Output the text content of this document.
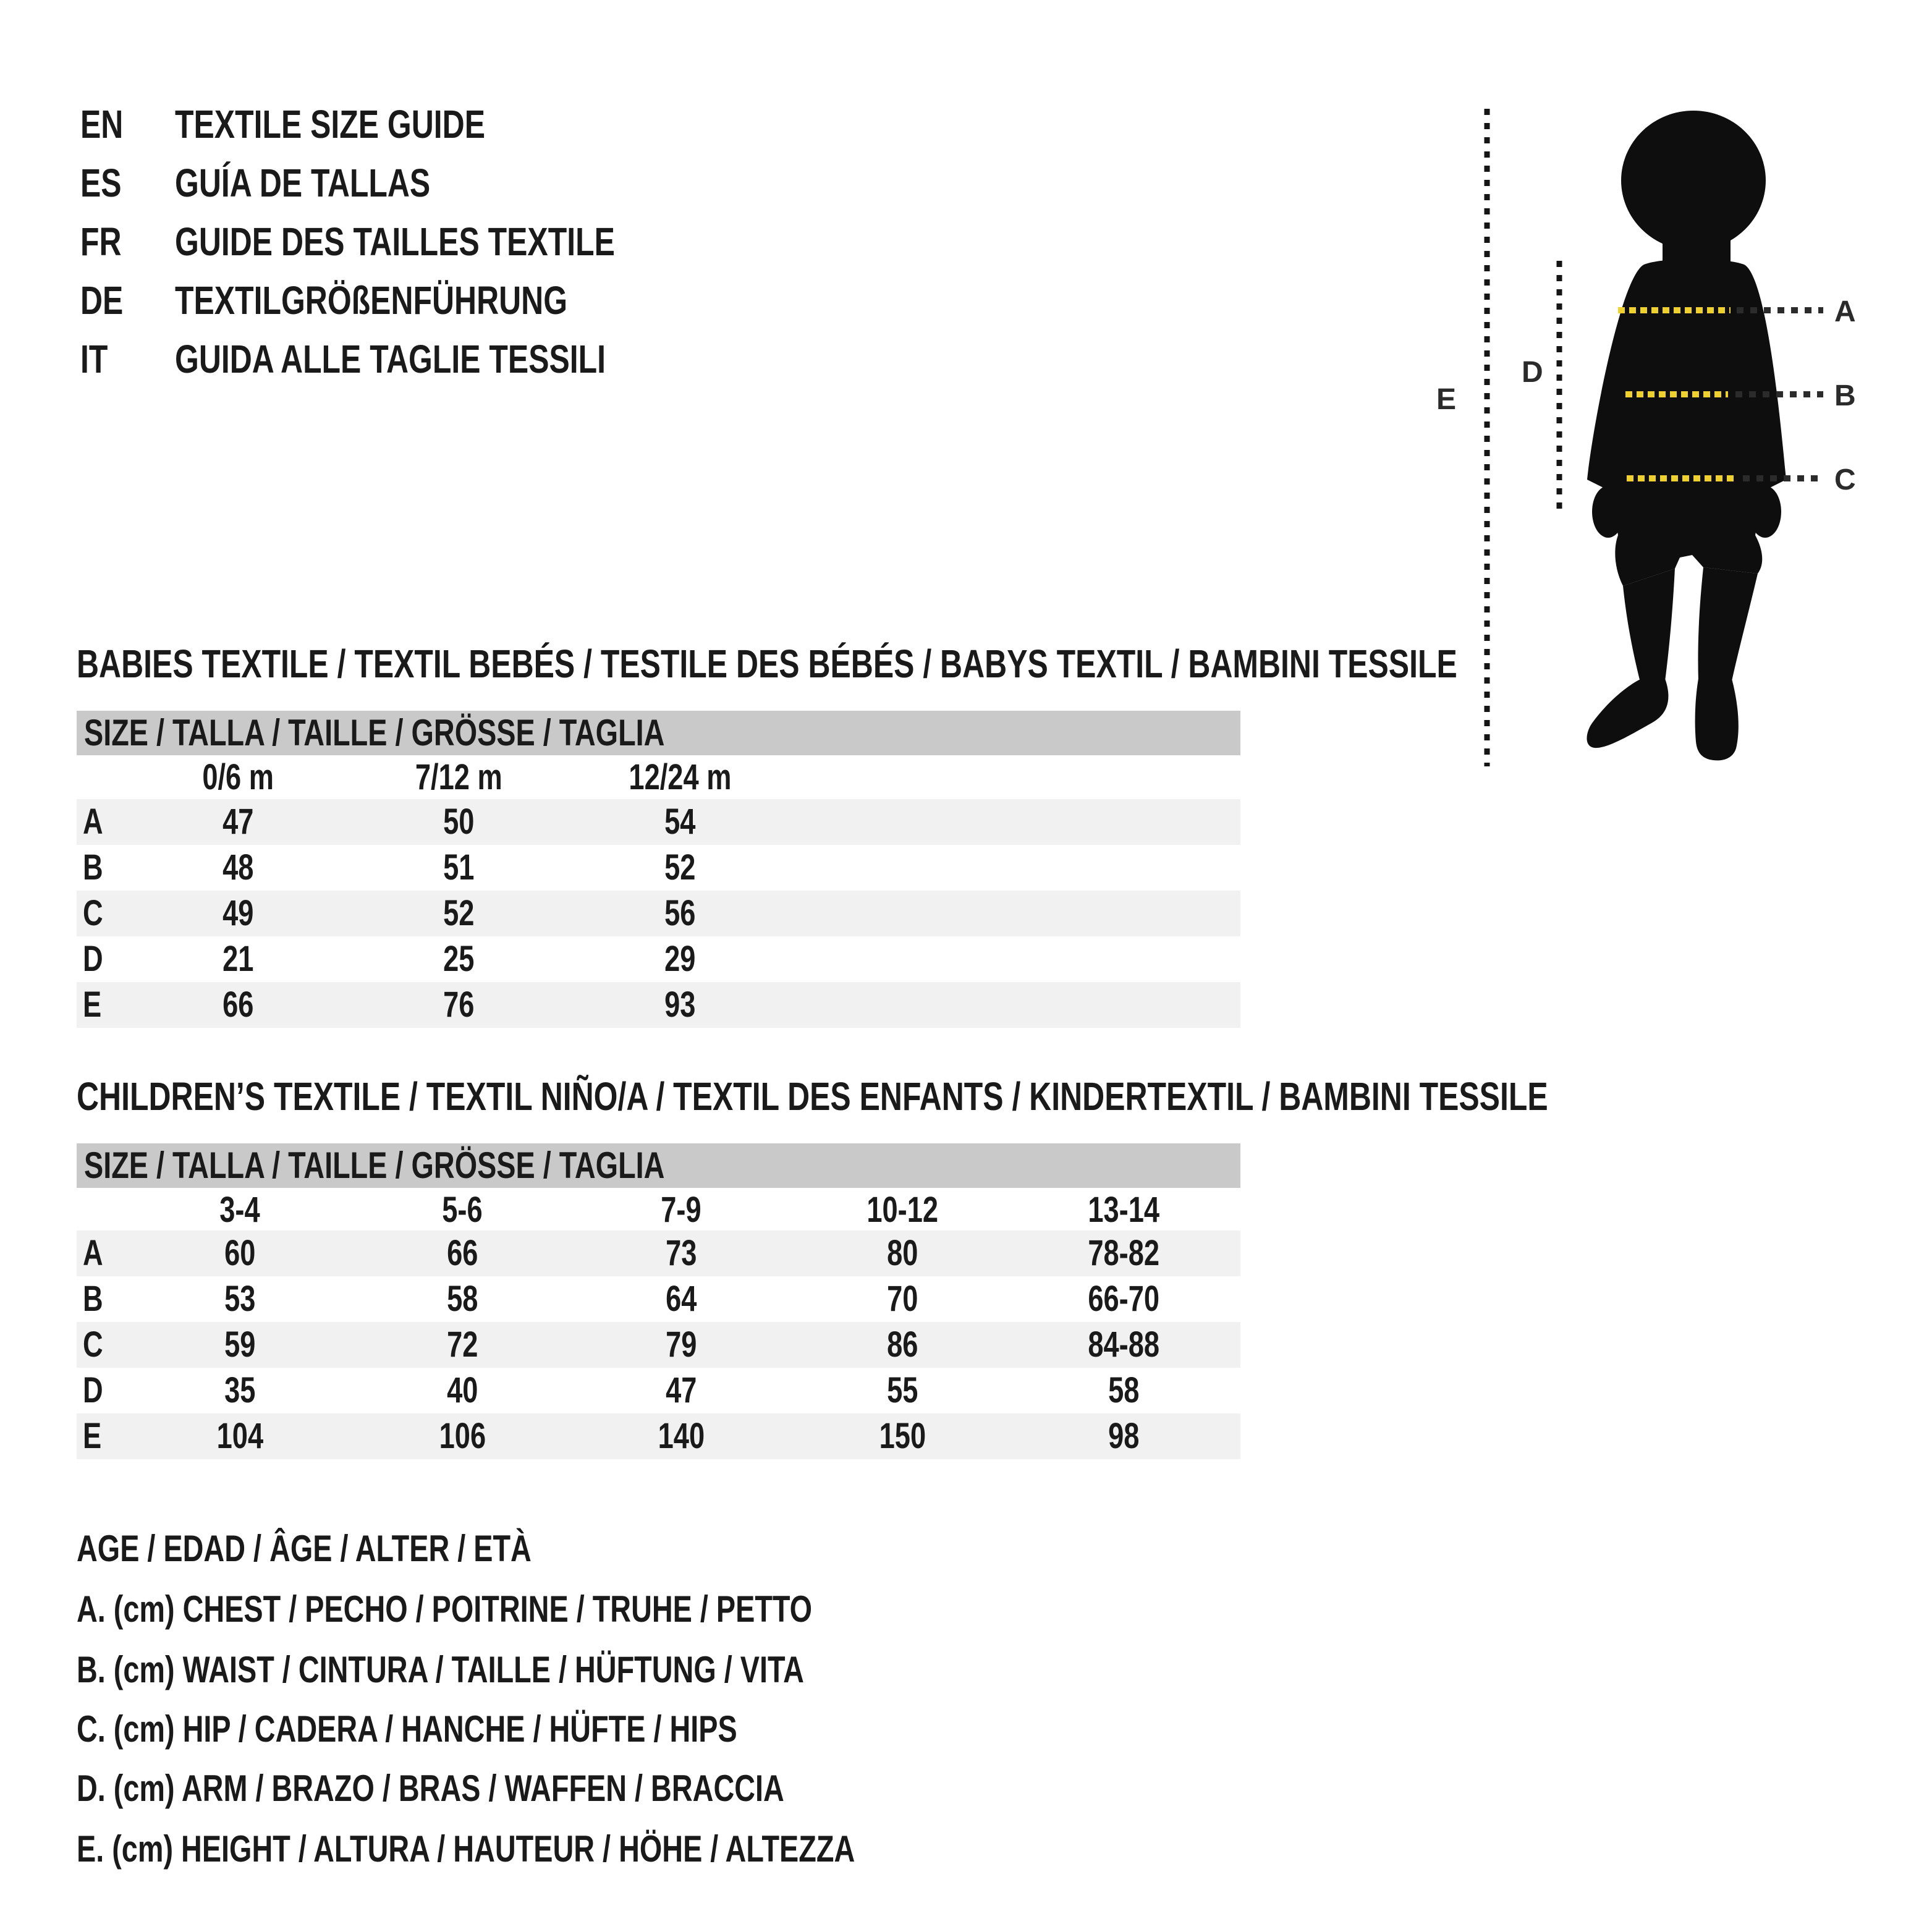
EN TEXTILE SIZE GUIDE
ES GUÍA DE TALLAS
FR GUIDE DES TAILLES TEXTILE
DE TEXTILGRÖßENFÜHRUNG
IT GUIDA ALLE TAGLIE TESSILI
E
D
A
B
C
BABIES TEXTILE / TEXTIL BEBÉS / TESTILE DES BÉBÉS / BABYS TEXTIL / BAMBINI TESSILE
SIZE / TALLA / TAILLE / GRÖSSE / TAGLIA
0/6 m	7/12 m	12/24 m
A	47	50	54
B	48	51	52
C	49	52	56
D	21	25	29
E	66	76	93
CHILDREN’S TEXTILE / TEXTIL NIÑO/A / TEXTIL DES ENFANTS / KINDERTEXTIL / BAMBINI TESSILE
SIZE / TALLA / TAILLE / GRÖSSE / TAGLIA
3-4	5-6	7-9	10-12	13-14
A	60	66	73	80	78-82
B	53	58	64	70	66-70
C	59	72	79	86	84-88
D	35	40	47	55	58
E	104	106	140	150	98
AGE / EDAD / ÂGE / ALTER / ETÀ
A. (cm) CHEST / PECHO / POITRINE / TRUHE / PETTO
B. (cm) WAIST / CINTURA / TAILLE / HÜFTUNG / VITA
C. (cm) HIP / CADERA / HANCHE / HÜFTE / HIPS
D. (cm) ARM / BRAZO / BRAS / WAFFEN / BRACCIA
E. (cm) HEIGHT / ALTURA / HAUTEUR / HÖHE / ALTEZZA
